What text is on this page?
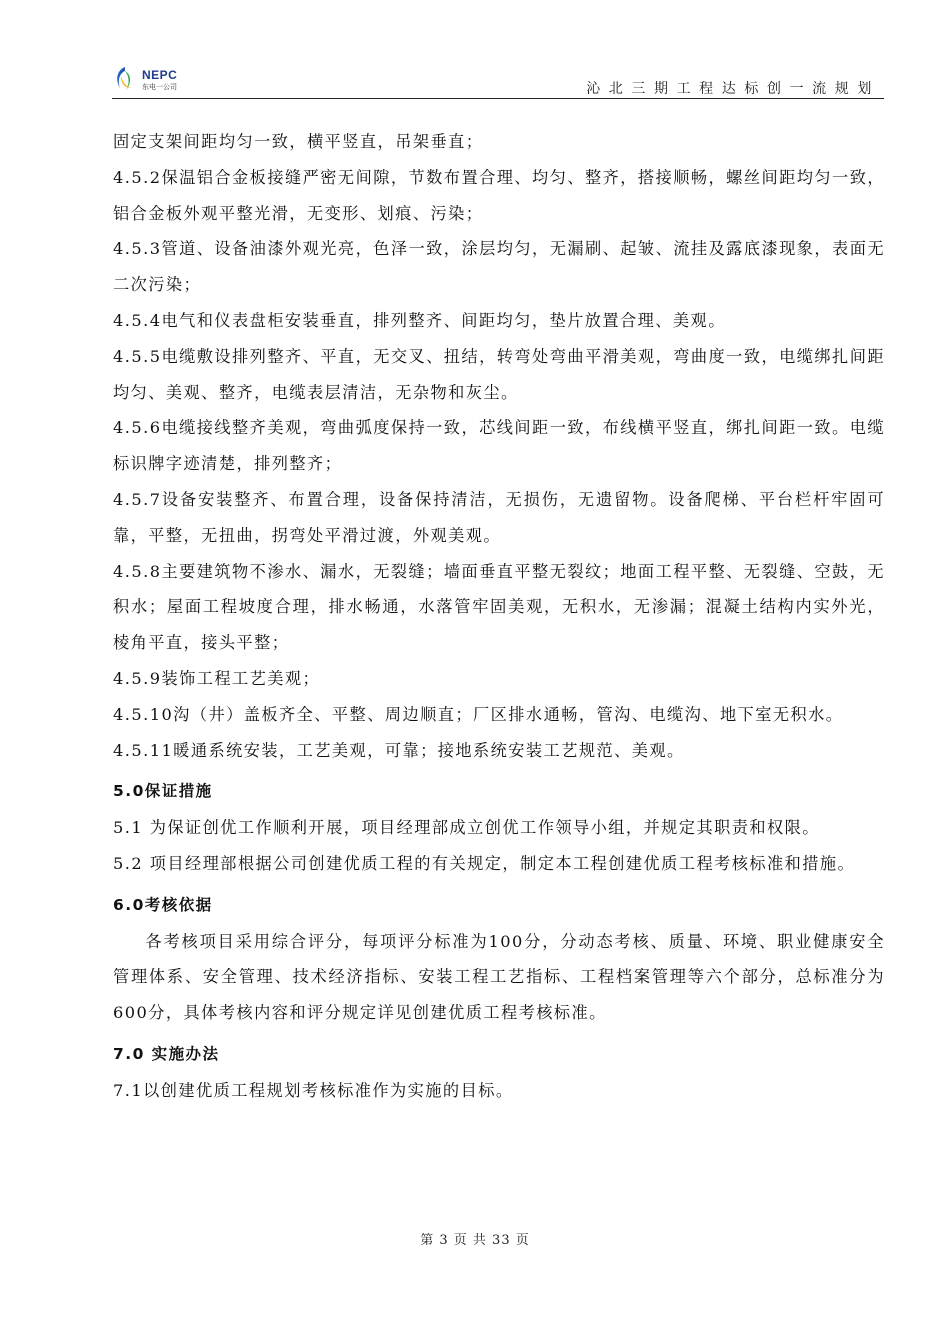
NEPC
东电一公司	沁北三期工程达标创一流规划

固定支架间距均匀一致，横平竖直，吊架垂直；

4.5.2保温铝合金板接缝严密无间隙，节数布置合理、均匀、整齐，搭接顺畅，螺丝间距均匀一致，铝合金板外观平整光滑，无变形、划痕、污染；

4.5.3管道、设备油漆外观光亮，色泽一致，涂层均匀，无漏刷、起皱、流挂及露底漆现象，表面无二次污染；

4.5.4电气和仪表盘柜安装垂直，排列整齐、间距均匀，垫片放置合理、美观。

4.5.5电缆敷设排列整齐、平直，无交叉、扭结，转弯处弯曲平滑美观，弯曲度一致，电缆绑扎间距均匀、美观、整齐，电缆表层清洁，无杂物和灰尘。

4.5.6电缆接线整齐美观，弯曲弧度保持一致，芯线间距一致，布线横平竖直，绑扎间距一致。电缆标识牌字迹清楚，排列整齐；

4.5.7设备安装整齐、布置合理，设备保持清洁，无损伤，无遗留物。设备爬梯、平台栏杆牢固可靠，平整，无扭曲，拐弯处平滑过渡，外观美观。

4.5.8主要建筑物不渗水、漏水，无裂缝；墙面垂直平整无裂纹；地面工程平整、无裂缝、空鼓，无积水；屋面工程坡度合理，排水畅通，水落管牢固美观，无积水，无渗漏；混凝土结构内实外光，棱角平直，接头平整；

4.5.9装饰工程工艺美观；

4.5.10沟（井）盖板齐全、平整、周边顺直；厂区排水通畅，管沟、电缆沟、地下室无积水。

4.5.11暖通系统安装，工艺美观，可靠；接地系统安装工艺规范、美观。

5.0保证措施

5.1 为保证创优工作顺利开展，项目经理部成立创优工作领导小组，并规定其职责和权限。

5.2 项目经理部根据公司创建优质工程的有关规定，制定本工程创建优质工程考核标准和措施。

6.0考核依据

各考核项目采用综合评分，每项评分标准为100分，分动态考核、质量、环境、职业健康安全管理体系、安全管理、技术经济指标、安装工程工艺指标、工程档案管理等六个部分，总标准分为600分，具体考核内容和评分规定详见创建优质工程考核标准。

7.0 实施办法

7.1以创建优质工程规划考核标准作为实施的目标。

第 3 页 共 33 页
